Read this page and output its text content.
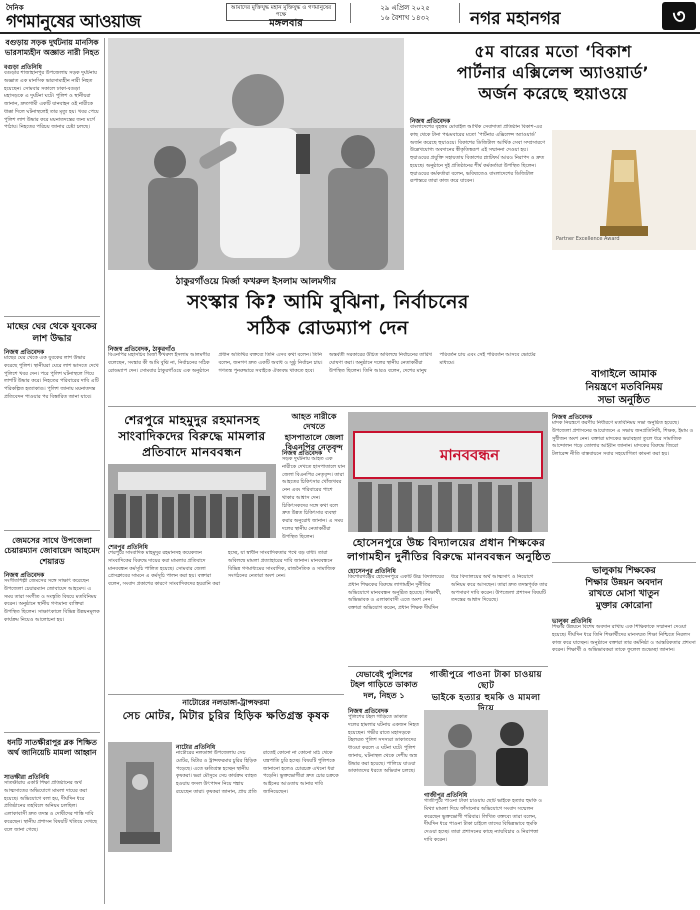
দৈনিক
গণমানুষের আওয়াজ
আমাদের মুক্তিযুদ্ধ মহান মুক্তিযুদ্ধ ও গণমানুষের পক্ষে
মঙ্গলবার
২৯ এপ্রিল ২০২৫
১৬ বৈশাখ ১৪৩২	নগর মহানগর	৩
বগুড়ায় সড়ক দুর্ঘটনায় মানসিক ভারসাম্যহীন অজ্ঞাত নারী নিহত
বগুড়া প্রতিনিধি
বগুড়ার শাজাহানপুর উপজেলায় সড়ক দুর্ঘটনায় অজ্ঞাত এক মানসিক ভারসাম্যহীন নারী নিহত হয়েছেন। সোমবার সকালে ঢাকা-বগুড়া মহাসড়কে এ দুর্ঘটনা ঘটে। পুলিশ ও স্থানীয়রা জানান, দ্রুতগামী একটি যানবাহন ওই নারীকে ধাক্কা দিলে ঘটনাস্থলেই তার মৃত্যু হয়। খবর পেয়ে পুলিশ লাশ উদ্ধার করে ময়নাতদন্তের জন্য মর্গে পাঠায়। নিহতের পরিচয় জানার চেষ্টা চলছে।
মাছের ঘের থেকে যুবকের লাশ উদ্ধার
নিজস্ব প্রতিবেদক
মাছের ঘের থেকে এক যুবকের লাশ উদ্ধার করেছে পুলিশ। স্থানীয়রা ঘেরে লাশ ভাসতে দেখে পুলিশে খবর দেন। পরে পুলিশ ঘটনাস্থলে গিয়ে লাশটি উদ্ধার করে। নিহতের পরিবারের দাবি এটি পরিকল্পিত হত্যাকাণ্ড। পুলিশ জানায় ময়নাতদন্ত প্রতিবেদন পাওয়ার পর বিস্তারিত জানা যাবে।
জেমসের সাথে উপজেলা চেয়ারম্যান জোবায়েদ আহমেদ শেয়ারড
নিজস্ব প্রতিবেদক
সংগীতশিল্পী জেমসের সঙ্গে সাক্ষাৎ করেছেন উপজেলা চেয়ারম্যান জোবায়েদ আহমেদ। এ সময় তারা সংগীত ও সংস্কৃতি বিষয়ে মতবিনিময় করেন। অনুষ্ঠানে স্থানীয় গণ্যমান্য ব্যক্তিরা উপস্থিত ছিলেন। সাক্ষাৎকালে বিভিন্ন উন্নয়নমূলক কার্যক্রম নিয়েও আলোচনা হয়।
ধনটি সাতক্ষীরাপুর ব্লক শিক্ষিত অর্থ জানিয়েচি মামলা আহ্বান
সাতক্ষীরা প্রতিনিধি
সাতক্ষীরায় একটি শিক্ষা প্রতিষ্ঠানের অর্থ আত্মসাতের অভিযোগে মামলা দায়ের করা হয়েছে। অভিযোগে বলা হয়, দীর্ঘদিন ধরে প্রতিষ্ঠানের তহবিলে অনিয়ম চলছিল। এলাকাবাসী দ্রুত তদন্ত ও দোষীদের শাস্তি দাবি করেছেন। স্থানীয় প্রশাসন বিষয়টি খতিয়ে দেখছে বলে জানা গেছে।
৫ম বারের মতো ‘বিকাশ
পার্টনার এক্সিলেন্স অ্যাওয়ার্ড’
অর্জন করেছে হুয়াওয়ে
নিজস্ব প্রতিবেদক
বাংলাদেশের বৃহত্তম মোবাইল আর্থিক সেবাদাতা প্রতিষ্ঠান বিকাশ-এর কাছ থেকে টানা পঞ্চমবারের মতো ‘পার্টনার এক্সিলেন্স অ্যাওয়ার্ড’ অর্জন করেছে হুয়াওয়ে। বিকাশের ডিজিটাল আর্থিক সেবা সম্প্রসারণে উল্লেখযোগ্য অবদানের স্বীকৃতিস্বরূপ এই সম্মাননা দেওয়া হয়। হুয়াওয়ের প্রযুক্তি সহায়তায় বিকাশের প্ল্যাটফর্ম আরও নিরাপদ ও দ্রুত হয়েছে। অনুষ্ঠানে দুই প্রতিষ্ঠানের শীর্ষ কর্মকর্তারা উপস্থিত ছিলেন। হুয়াওয়ের কর্মকর্তারা বলেন, ভবিষ্যতেও বাংলাদেশের ডিজিটাল রূপান্তরে তারা কাজ করে যাবেন।
Partner Excellence Award
ঠাকুরগাঁওয়ে মির্জা ফখরুল ইসলাম আলমগীর
সংস্কার কি? আমি বুঝিনা, নির্বাচনের
সঠিক রোডম্যাপ দেন
নিজস্ব প্রতিবেদক, ঠাকুরগাঁও
বিএনপির মহাসচিব মির্জা ফখরুল ইসলাম আলমগীর বলেছেন, সংস্কার কী আমি বুঝি না, নির্বাচনের সঠিক রোডম্যাপ দেন। সোমবার ঠাকুরগাঁওয়ে এক অনুষ্ঠানে প্রধান অতিথির বক্তব্যে তিনি এসব কথা বলেন। তিনি বলেন, জনগণ দ্রুত একটি অবাধ ও সুষ্ঠু নির্বাচন চায়। গণতন্ত্র পুনরুদ্ধারে সবাইকে ঐক্যবদ্ধ থাকতে হবে। অন্তর্বর্তী সরকারের উচিত অবিলম্বে নির্বাচনের তারিখ ঘোষণা করা। অনুষ্ঠানে দলের স্থানীয় নেতাকর্মীরা উপস্থিত ছিলেন। তিনি আরও বলেন, দেশের মানুষ পরিবর্তন চায় এবং সেই পরিবর্তন আসবে ভোটের মাধ্যমে।
বাগাইলে আমাক
নিয়ন্ত্রণে মতবিনিময়
সভা অনুষ্ঠিত
শেরপুরে মাহমুদুর রহমানসহ
সাংবাদিকদের বিরুদ্ধে মামলার
প্রতিবাদে মানববন্ধন
শেরপুর প্রতিনিধি
শেরপুরে সাংবাদিক মাহমুদুর রহমানসহ কয়েকজন সাংবাদিকের বিরুদ্ধে দায়ের করা মামলার প্রতিবাদে মানববন্ধন কর্মসূচি পালিত হয়েছে। সোমবার জেলা প্রেসক্লাবের সামনে এ কর্মসূচি পালন করা হয়। বক্তারা বলেন, সংবাদ প্রকাশের কারণে সাংবাদিকদের হয়রানি করা হচ্ছে, যা স্বাধীন সাংবাদিকতার পথে বড় বাধা। তারা অবিলম্বে মামলা প্রত্যাহারের দাবি জানান। মানববন্ধনে বিভিন্ন গণমাধ্যমের সাংবাদিক, রাজনৈতিক ও সামাজিক সংগঠনের নেতারা অংশ নেন।
আহত নারীকে দেখতে
হাসপাতালে জেলা
বিএনপির নেতৃবৃন্দ
নিজস্ব প্রতিবেদক
সড়ক দুর্ঘটনায় আহত এক নারীকে দেখতে হাসপাতালে যান জেলা বিএনপির নেতৃবৃন্দ। তারা আহতের চিকিৎসার খোঁজখবর নেন এবং পরিবারের পাশে থাকার আশ্বাস দেন। চিকিৎসকদের সঙ্গে কথা বলে দ্রুত উন্নত চিকিৎসার ব্যবস্থা করার অনুরোধ জানান। এ সময় দলের স্থানীয় নেতাকর্মীরা উপস্থিত ছিলেন।
মানববন্ধন
হোসেনপুরে উচ্চ বিদ্যালয়ের প্রধান শিক্ষকের
লাগামহীন দুর্নীতির বিরুদ্ধে মানববন্ধন অনুষ্ঠিত
হোসেনপুর প্রতিনিধি
কিশোরগঞ্জের হোসেনপুরে একটি উচ্চ বিদ্যালয়ের প্রধান শিক্ষকের বিরুদ্ধে লাগামহীন দুর্নীতির অভিযোগে মানববন্ধন অনুষ্ঠিত হয়েছে। শিক্ষার্থী, অভিভাবক ও এলাকাবাসী এতে অংশ নেন। বক্তারা অভিযোগ করেন, প্রধান শিক্ষক দীর্ঘদিন ধরে বিদ্যালয়ের অর্থ আত্মসাৎ ও নিয়োগে অনিয়ম করে আসছেন। তারা দ্রুত তদন্তপূর্বক তার অপসারণ দাবি করেন। উপজেলা প্রশাসন বিষয়টি তদন্তের আশ্বাস দিয়েছে।
নিজস্ব প্রতিবেদক
মাদক নিয়ন্ত্রণে করণীয় নির্ধারণে মতবিনিময় সভা অনুষ্ঠিত হয়েছে। উপজেলা প্রশাসনের আয়োজনে এ সভায় জনপ্রতিনিধি, শিক্ষক, ইমাম ও সুধীজন অংশ নেন। বক্তারা মাদকের ভয়াবহতা তুলে ধরে সামাজিক আন্দোলন গড়ে তোলার আহ্বান জানান। মাদকের বিরুদ্ধে জিরো টলারেন্স নীতি বাস্তবায়নে সবার সহযোগিতা কামনা করা হয়।
ভালুকায় শিক্ষকের
শিক্ষার উন্নয়ন অবদান
রাখতে মোসা খাতুন
মুক্তার কোরোনা
ভালুকা প্রতিনিধি
শিক্ষার উন্নয়নে বিশেষ অবদান রাখায় এক শিক্ষিকাকে সম্মাননা দেওয়া হয়েছে। দীর্ঘদিন ধরে তিনি শিক্ষার্থীদের মানসম্মত শিক্ষা নিশ্চিতে নিরলস কাজ করে যাচ্ছেন। অনুষ্ঠানে বক্তারা তার কর্মনিষ্ঠা ও আন্তরিকতার প্রশংসা করেন। শিক্ষার্থী ও অভিভাবকরা তাকে ফুলেল শুভেচ্ছা জানান।
যেভাবেই পুলিশের
টহল গাড়িতে ডাকাত
দল, নিহত ১
নিজস্ব প্রতিবেদক
পুলিশের টহল গাড়িতে ডাকাত দলের হামলার ঘটনায় একজন নিহত হয়েছেন। গভীর রাতে মহাসড়কে টহলরত পুলিশ সদস্যরা ডাকাতদের ধাওয়া করলে এ ঘটনা ঘটে। পুলিশ জানায়, ঘটনাস্থল থেকে দেশীয় অস্ত্র উদ্ধার করা হয়েছে। পালিয়ে যাওয়া ডাকাতদের ধরতে অভিযান চলছে।
গাজীপুরে পাওনা টাকা চাওয়ায় ছোট
ভাইকে হত্যার হুমকি ও মামলা
গাজীপুর প্রতিনিধি
গাজীপুরে পাওনা টাকা চাওয়ায় ছোট ভাইকে হত্যার হুমকি ও মিথ্যা মামলা দিয়ে ফাঁসানোর অভিযোগে সংবাদ সম্মেলন করেছেন ভুক্তভোগী পরিবার। লিখিত বক্তব্যে তারা বলেন, দীর্ঘদিন ধরে পাওনা টাকা চাইলে তাদের বিভিন্নভাবে হুমকি দেওয়া হচ্ছে। তারা প্রশাসনের কাছে ন্যায়বিচার ও নিরাপত্তা দাবি করেন।
নাটোরের নলডাঙ্গা-ট্রান্সফরমা
সেচ মোটর, মিটার চুরির হিড়িক ক্ষতিগ্রস্ত কৃষক
নাটোর প্রতিনিধি
নাটোরের নলডাঙ্গা উপজেলায় সেচ মোটর, মিটার ও ট্রান্সফরমার চুরির হিড়িক পড়েছে। এতে ক্ষতিগ্রস্ত হচ্ছেন স্থানীয় কৃষকরা। ভরা মৌসুমে সেচ কার্যক্রম ব্যাহত হওয়ায় ফসল উৎপাদন নিয়ে শঙ্কায় রয়েছেন তারা। কৃষকরা জানান, প্রায় প্রতি রাতেই কোনো না কোনো মাঠ থেকে যন্ত্রপাতি চুরি হচ্ছে। বিষয়টি পুলিশকে জানানো হলেও চোরচক্র এখনো ধরা পড়েনি। ভুক্তভোগীরা দ্রুত চোর চক্রকে আইনের আওতায় আনার দাবি জানিয়েছেন।
